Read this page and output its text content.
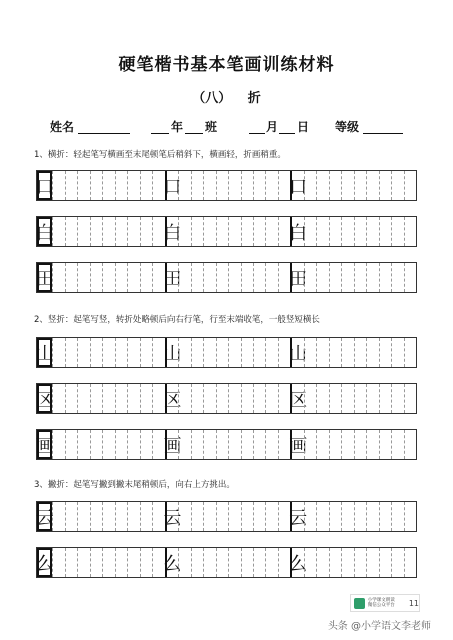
硬笔楷书基本笔画训练材料
（八） 折
姓名	年 班	月 日 等级
1、横折：轻起笔写横画至末尾顿笔后稍斜下，横画轻，折画稍重。
口	口	口
白	白	白
田	田	田
2、竖折：起笔写竖，转折处略顿后向右行笔，行至末端收笔，一般竖短横长
山	山	山
区	区	区
画	画	画
3、撇折：起笔写撇到撇末尾稍顿后，向右上方挑出。
云	云	云
么	么	么
小学课文朗读
微信公众平台	11
头条 @小学语文李老师
